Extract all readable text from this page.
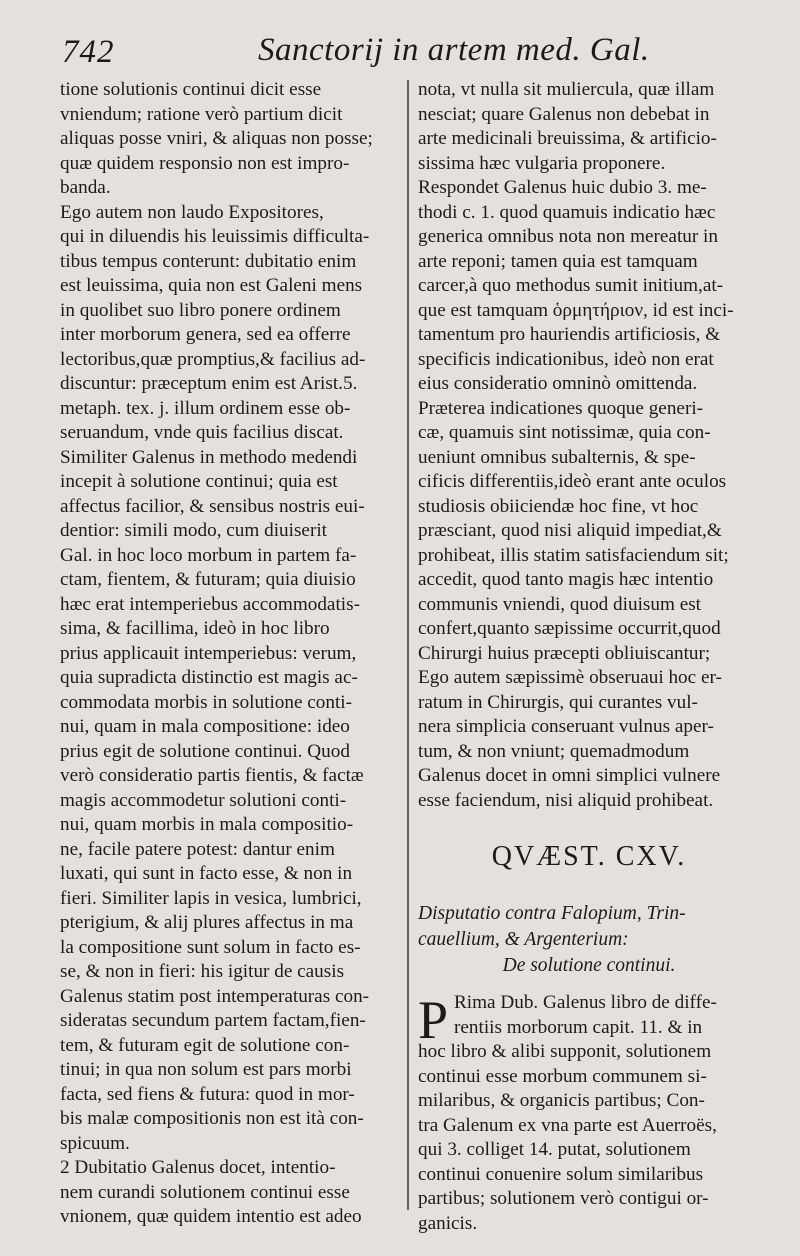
742	Sanctorij in artem med. Gal.
tione solutionis continui dicit esse
vniendum; ratione verò partium dicit
aliquas posse vniri, & aliquas non posse;
quæ quidem responsio non est impro-
banda.
Ego autem non laudo Expositores,
qui in diluendis his leuissimis difficulta-
tibus tempus conterunt: dubitatio enim
est leuissima, quia non est Galeni mens
in quolibet suo libro ponere ordinem
inter morborum genera, sed ea offerre
lectoribus,quæ promptius,& facilius ad-
discuntur: præceptum enim est Arist.5.
metaph. tex. j. illum ordinem esse ob-
seruandum, vnde quis facilius discat.
Similiter Galenus in methodo medendi
incepit à solutione continui; quia est
affectus facilior, & sensibus nostris eui-
dentior: simili modo, cum diuiserit
Gal. in hoc loco morbum in partem fa-
ctam, fientem, & futuram; quia diuisio
hæc erat intemperiebus accommodatis-
sima, & facillima, ideò in hoc libro
prius applicauit intemperiebus: verum,
quia supradicta distinctio est magis ac-
commodata morbis in solutione conti-
nui, quam in mala compositione: ideo
prius egit de solutione continui. Quod
verò consideratio partis fientis, & factæ
magis accommodetur solutioni conti-
nui, quam morbis in mala compositio-
ne, facile patere potest: dantur enim
luxati, qui sunt in facto esse, & non in
fieri. Similiter lapis in vesica, lumbrici,
pterigium, & alij plures affectus in ma
la compositione sunt solum in facto es-
se, & non in fieri: his igitur de causis
Galenus statim post intemperaturas con-
sideratas secundum partem factam,fien-
tem, & futuram egit de solutione con-
tinui; in qua non solum est pars morbi
facta, sed fiens & futura: quod in mor-
bis malæ compositionis non est ità con-
spicuum.
2 Dubitatio Galenus docet, intentio-
nem curandi solutionem continui esse
vnionem, quæ quidem intentio est adeo
nota, vt nulla sit muliercula, quæ illam
nesciat; quare Galenus non debebat in
arte medicinali breuissima, & artificio-
sissima hæc vulgaria proponere.
Respondet Galenus huic dubio 3. me-
thodi c. 1. quod quamuis indicatio hæc
generica omnibus nota non mereatur in
arte reponi; tamen quia est tamquam
carcer,à quo methodus sumit initium,at-
que est tamquam ὁρμητήριον, id est inci-
tamentum pro hauriendis artificiosis, &
specificis indicationibus, ideò non erat
eius consideratio omninò omittenda.
Præterea indicationes quoque generi-
cæ, quamuis sint notissimæ, quia con-
ueniunt omnibus subalternis, & spe-
cificis differentiis,ideò erant ante oculos
studiosis obiiciendæ hoc fine, vt hoc
præsciant, quod nisi aliquid impediat,&
prohibeat, illis statim satisfaciendum sit;
accedit, quod tanto magis hæc intentio
communis vniendi, quod diuisum est
confert,quanto sæpissime occurrit,quod
Chirurgi huius præcepti obliuiscantur;
Ego autem sæpissimè obseruaui hoc er-
ratum in Chirurgis, qui curantes vul-
nera simplicia conseruant vulnus aper-
tum, & non vniunt; quemadmodum
Galenus docet in omni simplici vulnere
esse faciendum, nisi aliquid prohibeat.
QVÆST. CXV.
Disputatio contra Falopium, Trin-
cauellium, & Argenterium:
De solutione continui.
P Rima Dub. Galenus libro de diffe-
rentiis morborum capit. 11. & in
hoc libro & alibi supponit, solutionem
continui esse morbum communem si-
milaribus, & organicis partibus; Con-
tra Galenum ex vna parte est Auerroës,
qui 3. colliget 14. putat, solutionem
continui conuenire solum similaribus
partibus; solutionem verò contigui or-
ganicis.
